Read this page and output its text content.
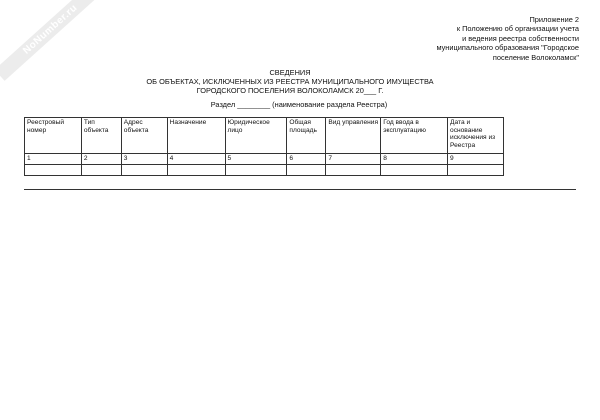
NoNumber.ru	Приложение 2
к Положению об организации учета
и ведения реестра собственности
муниципального образования "Городское
поселение Волоколамск"
СВЕДЕНИЯ
ОБ ОБЪЕКТАХ, ИСКЛЮЧЕННЫХ ИЗ РЕЕСТРА МУНИЦИПАЛЬНОГО ИМУЩЕСТВА
ГОРОДСКОГО ПОСЕЛЕНИЯ ВОЛОКОЛАМСК 20___ Г.
Раздел ________ (наименование раздела Реестра)
Реестровый номер	Тип объекта	Адрес объекта	Назначение	Юридическое лицо	Общая площадь	Вид управления	Год ввода в эксплуатацию	Дата и основание исключения из Реестра
1	2	3	4	5	6	7	8	9
